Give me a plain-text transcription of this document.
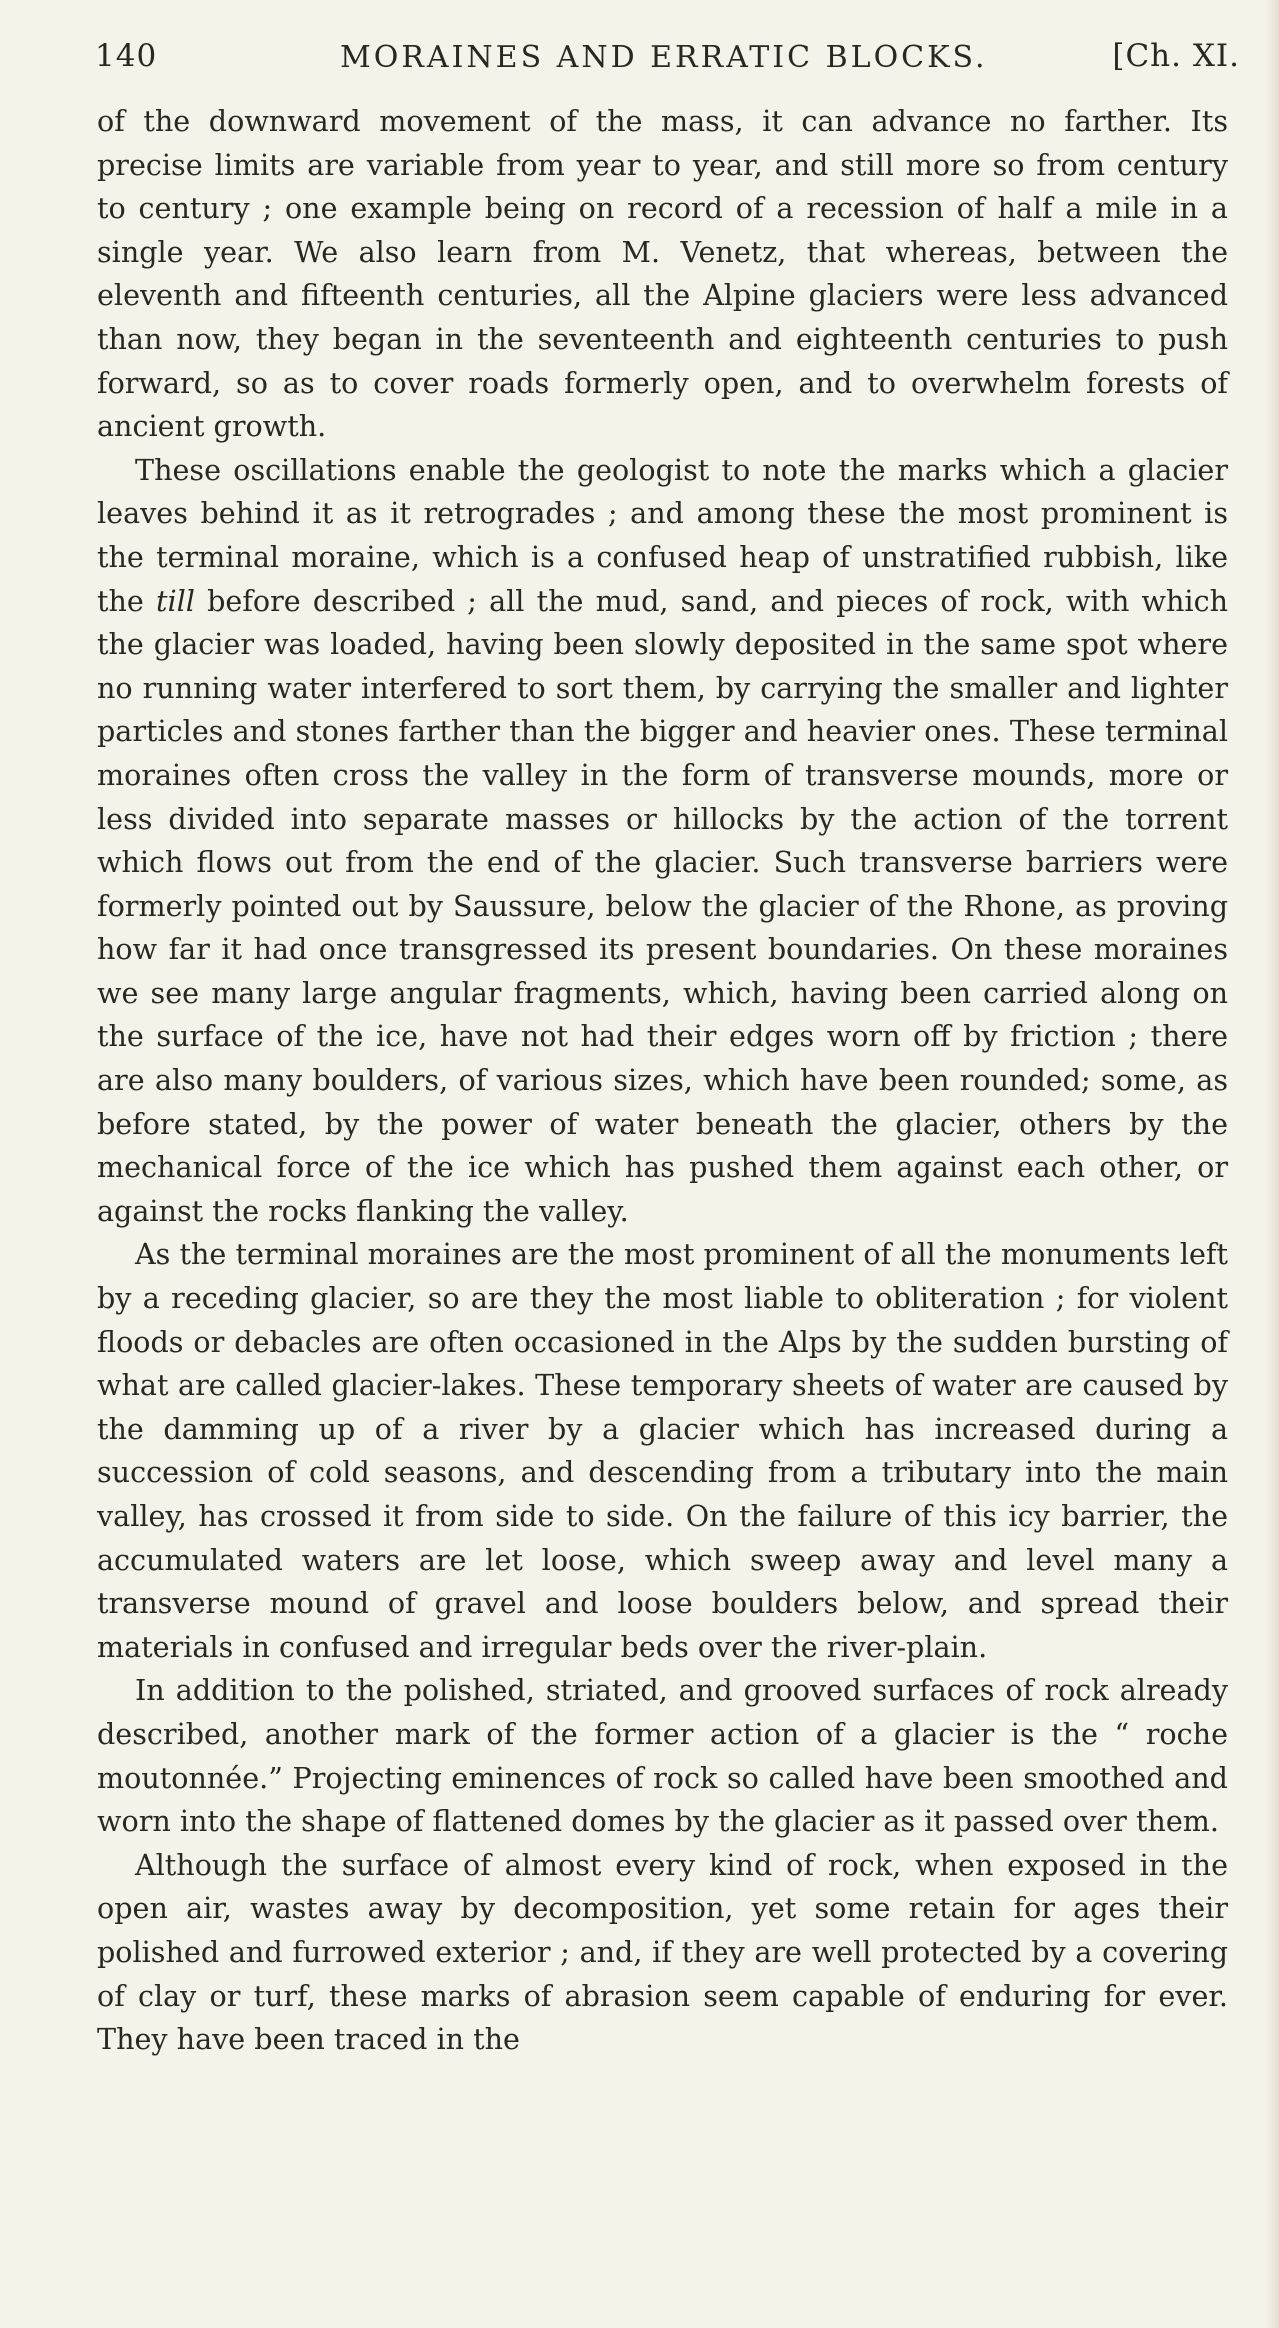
140	MORAINES AND ERRATIC BLOCKS.	[Ch. XI.

of the downward movement of the mass, it can advance no farther. Its precise limits are variable from year to year, and still more so from century to century ; one example being on record of a recession of half a mile in a single year. We also learn from M. Venetz, that whereas, between the eleventh and fifteenth centuries, all the Alpine glaciers were less advanced than now, they began in the seventeenth and eighteenth centuries to push forward, so as to cover roads formerly open, and to overwhelm forests of ancient growth.

These oscillations enable the geologist to note the marks which a glacier leaves behind it as it retrogrades ; and among these the most prominent is the terminal moraine, which is a confused heap of unstratified rubbish, like the till before described ; all the mud, sand, and pieces of rock, with which the glacier was loaded, having been slowly deposited in the same spot where no running water interfered to sort them, by carrying the smaller and lighter particles and stones farther than the bigger and heavier ones. These terminal moraines often cross the valley in the form of transverse mounds, more or less divided into separate masses or hillocks by the action of the torrent which flows out from the end of the glacier. Such transverse barriers were formerly pointed out by Saussure, below the glacier of the Rhone, as proving how far it had once transgressed its present boundaries. On these moraines we see many large angular fragments, which, having been carried along on the surface of the ice, have not had their edges worn off by friction ; there are also many boulders, of various sizes, which have been rounded; some, as before stated, by the power of water beneath the glacier, others by the mechanical force of the ice which has pushed them against each other, or against the rocks flanking the valley.

As the terminal moraines are the most prominent of all the monuments left by a receding glacier, so are they the most liable to obliteration ; for violent floods or debacles are often occasioned in the Alps by the sudden bursting of what are called glacier-lakes. These temporary sheets of water are caused by the damming up of a river by a glacier which has increased during a succession of cold seasons, and descending from a tributary into the main valley, has crossed it from side to side. On the failure of this icy barrier, the accumulated waters are let loose, which sweep away and level many a transverse mound of gravel and loose boulders below, and spread their materials in confused and irregular beds over the river-plain.

In addition to the polished, striated, and grooved surfaces of rock already described, another mark of the former action of a glacier is the “ roche moutonnée.” Projecting eminences of rock so called have been smoothed and worn into the shape of flattened domes by the glacier as it passed over them.

Although the surface of almost every kind of rock, when exposed in the open air, wastes away by decomposition, yet some retain for ages their polished and furrowed exterior ; and, if they are well protected by a covering of clay or turf, these marks of abrasion seem capable of enduring for ever. They have been traced in the
